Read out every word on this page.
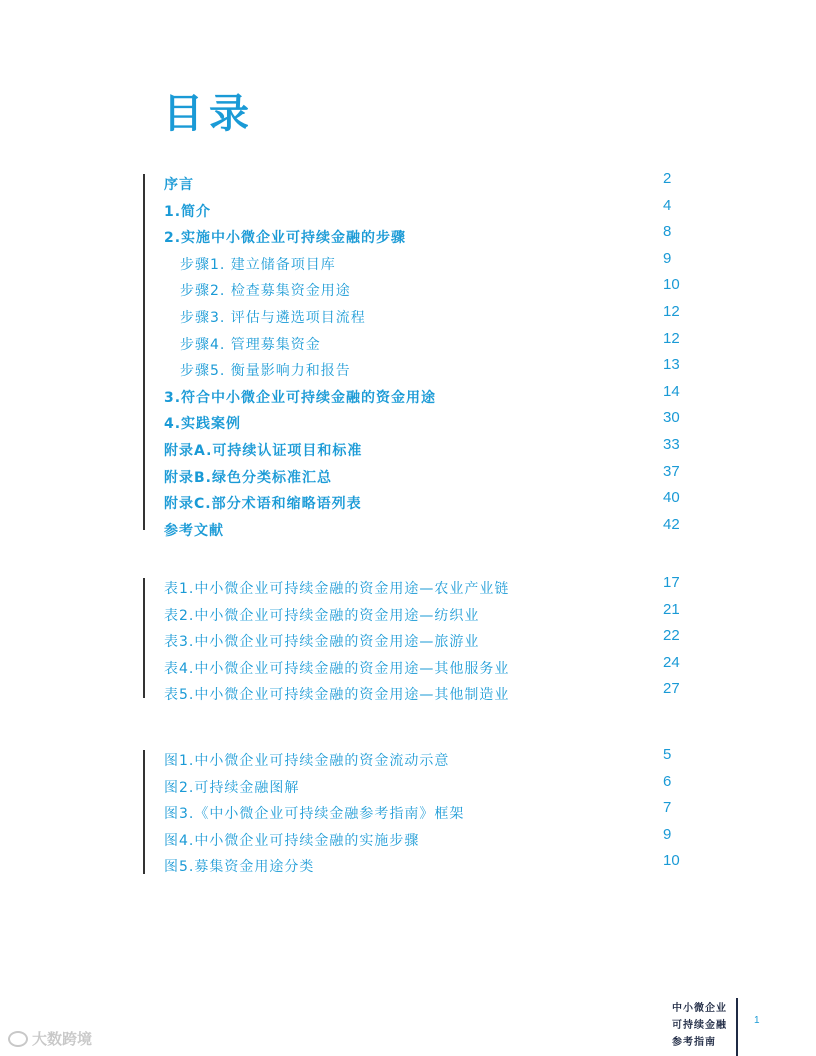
目录
序言	2
1.简介	4
2.实施中小微企业可持续金融的步骤	8
步骤1. 建立储备项目库	9
步骤2. 检查募集资金用途	10
步骤3. 评估与遴选项目流程	12
步骤4. 管理募集资金	12
步骤5. 衡量影响力和报告	13
3.符合中小微企业可持续金融的资金用途	14
4.实践案例	30
附录A.可持续认证项目和标准	33
附录B.绿色分类标准汇总	37
附录C.部分术语和缩略语列表	40
参考文献	42
表1.中小微企业可持续金融的资金用途—农业产业链	17
表2.中小微企业可持续金融的资金用途—纺织业	21
表3.中小微企业可持续金融的资金用途—旅游业	22
表4.中小微企业可持续金融的资金用途—其他服务业	24
表5.中小微企业可持续金融的资金用途—其他制造业	27
图1.中小微企业可持续金融的资金流动示意	5
图2.可持续金融图解	6
图3.《中小微企业可持续金融参考指南》框架	7
图4.中小微企业可持续金融的实施步骤	9
图5.募集资金用途分类	10
中小微企业
可持续金融
参考指南
1
大数跨境
